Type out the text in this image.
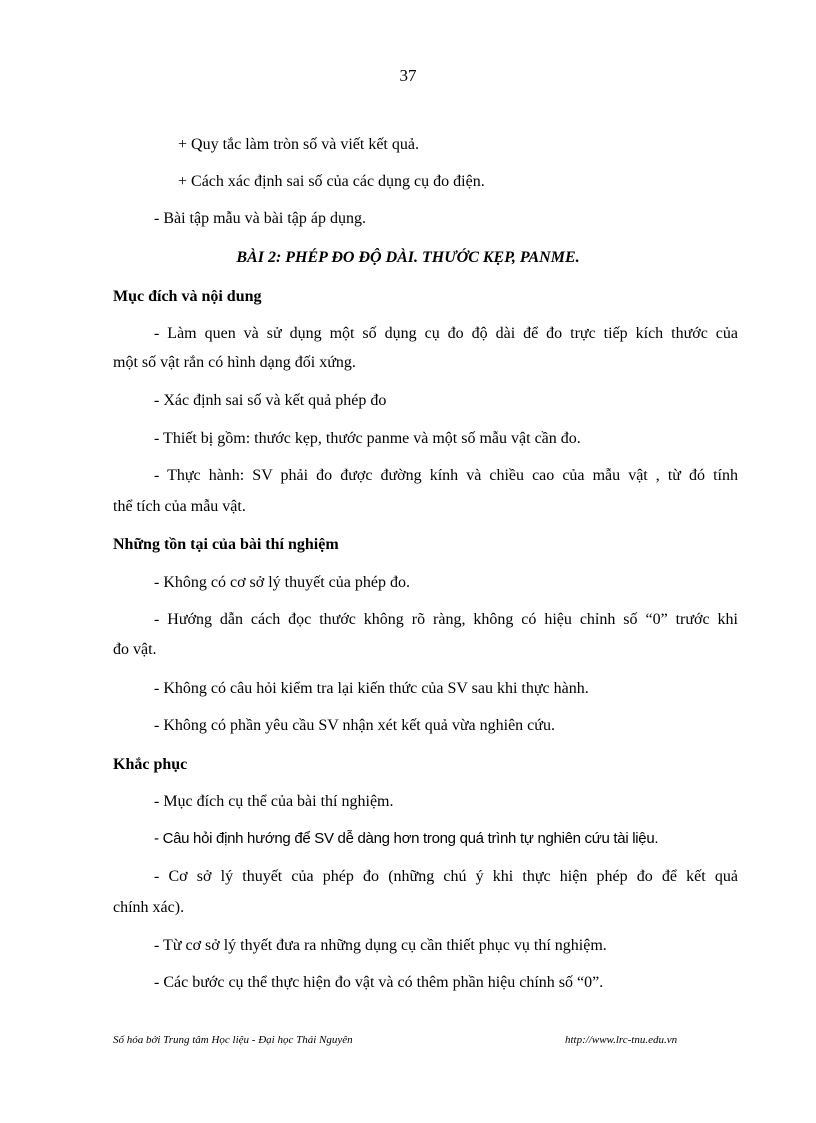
37
+ Quy tắc làm tròn số và viết kết quả.
+ Cách xác định sai số của các dụng cụ đo điện.
- Bài tập mẫu và bài tập áp dụng.
BÀI 2: PHÉP ĐO ĐỘ DÀI. THƯỚC KẸP, PANME.
Mục đích và nội dung
- Làm quen và sử dụng một số dụng cụ đo độ dài để đo trực tiếp kích thước của
một số vật rắn có hình dạng đối xứng.
- Xác định sai số và kết quả phép đo
- Thiết bị gồm: thước kẹp, thước panme và một số mẫu vật cần đo.
- Thực hành: SV phải đo được đường kính và chiều cao của mẫu vật , từ đó tính
thể tích của mẫu vật.
Những tồn tại của bài thí nghiệm
- Không có cơ sở lý thuyết của phép đo.
- Hướng dẫn cách đọc thước không rõ ràng, không có hiệu chỉnh số “0” trước khi
đo vật.
- Không có câu hỏi kiểm tra lại kiến thức của SV sau khi thực hành.
- Không có phần yêu cầu SV nhận xét kết quả vừa nghiên cứu.
Khắc phục
- Mục đích cụ thể của bài thí nghiệm.
- Câu hỏi định hướng để SV dễ dàng hơn trong quá trình tự nghiên cứu tài liệu.
- Cơ sở lý thuyết của phép đo (những chú ý khi thực hiện phép đo để kết quả
chính xác).
- Từ cơ sở lý thyết đưa ra những dụng cụ cần thiết phục vụ thí nghiệm.
- Các bước cụ thể thực hiện đo vật và có thêm phần hiệu chính số “0”.
Số hóa bởi Trung tâm Học liệu - Đại học Thái Nguyên	http://www.lrc-tnu.edu.vn
